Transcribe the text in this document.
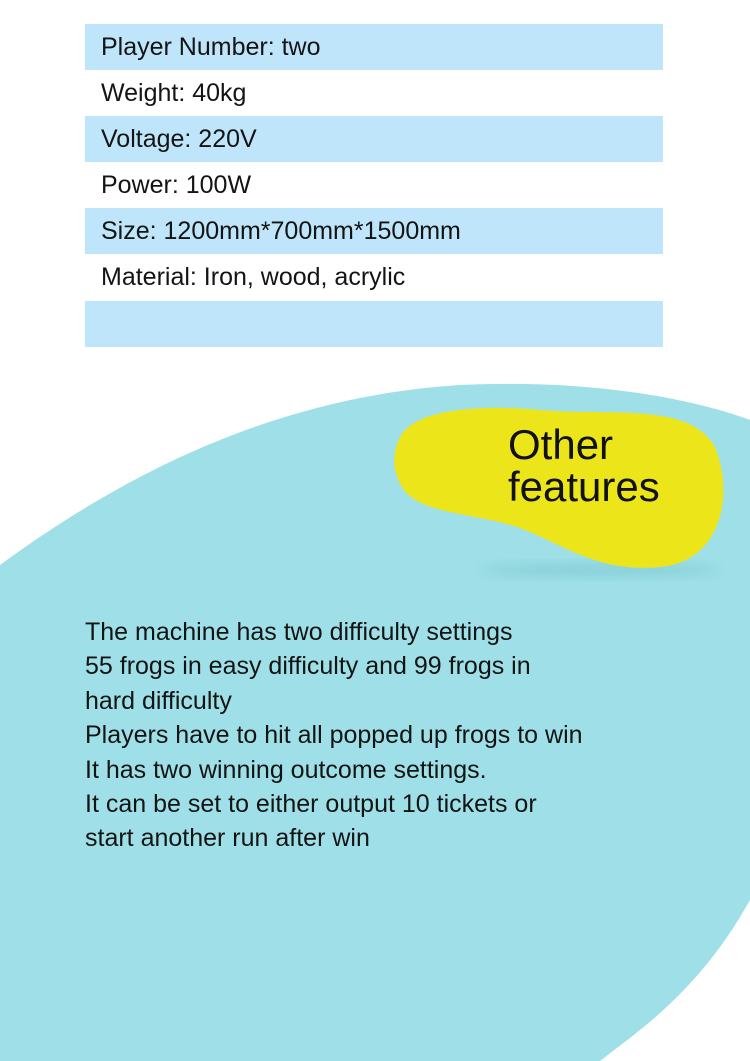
Other
features
Player Number: two
Weight: 40kg
Voltage: 220V
Power: 100W
Size: 1200mm*700mm*1500mm
Material: Iron, wood, acrylic
The machine has two difficulty settings
55 frogs in easy difficulty and 99 frogs in
hard difficulty
Players have to hit all popped up frogs to win
It has two winning outcome settings.
It can be set to either output 10 tickets or
start another run after win
